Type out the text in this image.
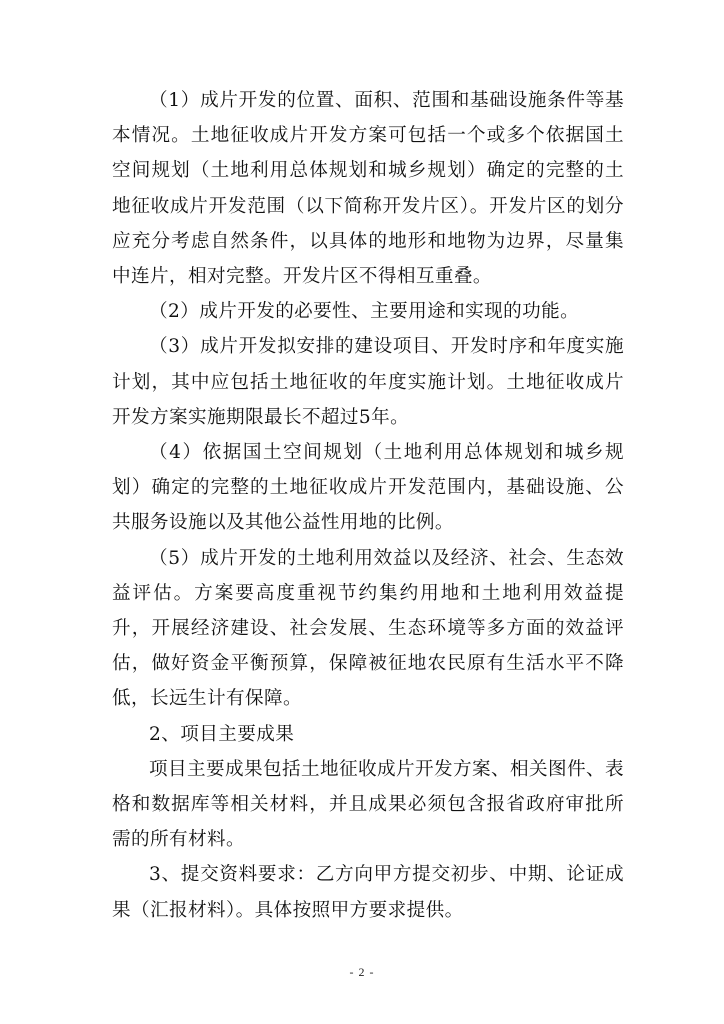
（1）成片开发的位置、面积、范围和基础设施条件等基本情况。土地征收成片开发方案可包括一个或多个依据国土空间规划（土地利用总体规划和城乡规划）确定的完整的土地征收成片开发范围（以下简称开发片区）。开发片区的划分应充分考虑自然条件，以具体的地形和地物为边界，尽量集中连片，相对完整。开发片区不得相互重叠。

（2）成片开发的必要性、主要用途和实现的功能。

（3）成片开发拟安排的建设项目、开发时序和年度实施计划，其中应包括土地征收的年度实施计划。土地征收成片开发方案实施期限最长不超过5年。

（4）依据国土空间规划（土地利用总体规划和城乡规划）确定的完整的土地征收成片开发范围内，基础设施、公共服务设施以及其他公益性用地的比例。

（5）成片开发的土地利用效益以及经济、社会、生态效益评估。方案要高度重视节约集约用地和土地利用效益提升，开展经济建设、社会发展、生态环境等多方面的效益评估，做好资金平衡预算，保障被征地农民原有生活水平不降低，长远生计有保障。

2、项目主要成果

项目主要成果包括土地征收成片开发方案、相关图件、表格和数据库等相关材料，并且成果必须包含报省政府审批所需的所有材料。

3、提交资料要求：乙方向甲方提交初步、中期、论证成果（汇报材料）。具体按照甲方要求提供。

- 2 -
